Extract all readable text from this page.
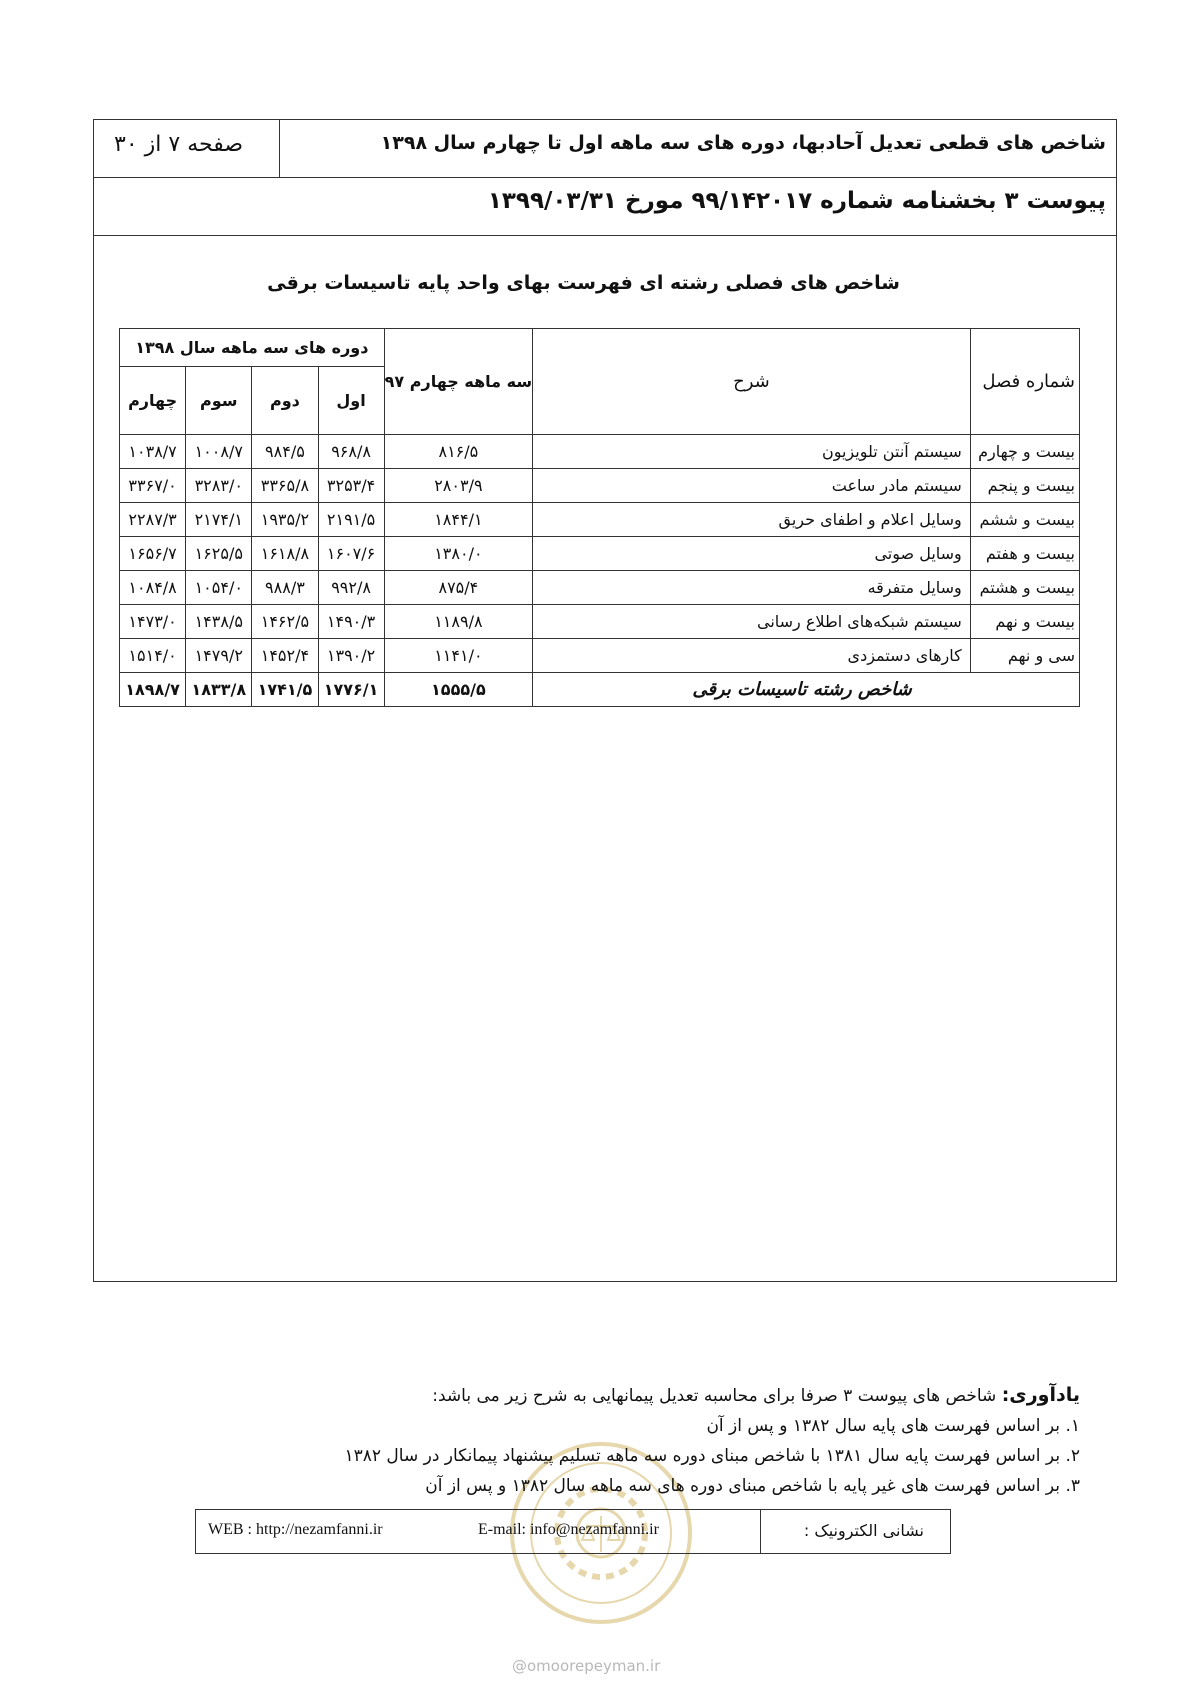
شاخص های قطعی تعدیل آحادبها، دوره های سه ماهه اول تا چهارم سال ۱۳۹۸
صفحه ۷ از ۳۰
پیوست ۳ بخشنامه شماره ۹۹/۱۴۲۰۱۷ مورخ ۱۳۹۹/۰۳/۳۱
شاخص های فصلی رشته ای فهرست بهای واحد پایه تاسیسات برقی
شماره فصل	شرح	سه ماهه چهارم ۹۷	دوره های سه ماهه سال ۱۳۹۸			
			اول	دوم	سوم	چهارم
بیست و چهارم	سیستم آنتن تلویزیون	۸۱۶/۵	۹۶۸/۸	۹۸۴/۵	۱۰۰۸/۷	۱۰۳۸/۷
بیست و پنجم	سیستم مادر ساعت	۲۸۰۳/۹	۳۲۵۳/۴	۳۳۶۵/۸	۳۲۸۳/۰	۳۳۶۷/۰
بیست و ششم	وسایل اعلام و اطفای حریق	۱۸۴۴/۱	۲۱۹۱/۵	۱۹۳۵/۲	۲۱۷۴/۱	۲۲۸۷/۳
بیست و هفتم	وسایل صوتی	۱۳۸۰/۰	۱۶۰۷/۶	۱۶۱۸/۸	۱۶۲۵/۵	۱۶۵۶/۷
بیست و هشتم	وسایل متفرقه	۸۷۵/۴	۹۹۲/۸	۹۸۸/۳	۱۰۵۴/۰	۱۰۸۴/۸
بیست و نهم	سیستم شبکه‌های اطلاع رسانی	۱۱۸۹/۸	۱۴۹۰/۳	۱۴۶۲/۵	۱۴۳۸/۵	۱۴۷۳/۰
سی و نهم	کارهای دستمزدی	۱۱۴۱/۰	۱۳۹۰/۲	۱۴۵۲/۴	۱۴۷۹/۲	۱۵۱۴/۰
شاخص رشته تاسیسات برقی		۱۵۵۵/۵	۱۷۷۶/۱	۱۷۴۱/۵	۱۸۳۳/۸	۱۸۹۸/۷
یادآوری: شاخص های پیوست ۳ صرفا برای محاسبه تعدیل پیمانهایی به شرح زیر می باشد:
۱. بر اساس فهرست های پایه سال ۱۳۸۲ و پس از آن
۲. بر اساس فهرست پایه سال ۱۳۸۱ با شاخص مبنای دوره سه ماهه تسلیم پیشنهاد پیمانکار در سال ۱۳۸۲
۳. بر اساس فهرست های غیر پایه با شاخص مبنای دوره های سه ماهه سال ۱۳۸۲ و پس از آن
نشانی الکترونیک :
E-mail: info@nezamfanni.ir
WEB : http://nezamfanni.ir
@omoorepeyman.ir
